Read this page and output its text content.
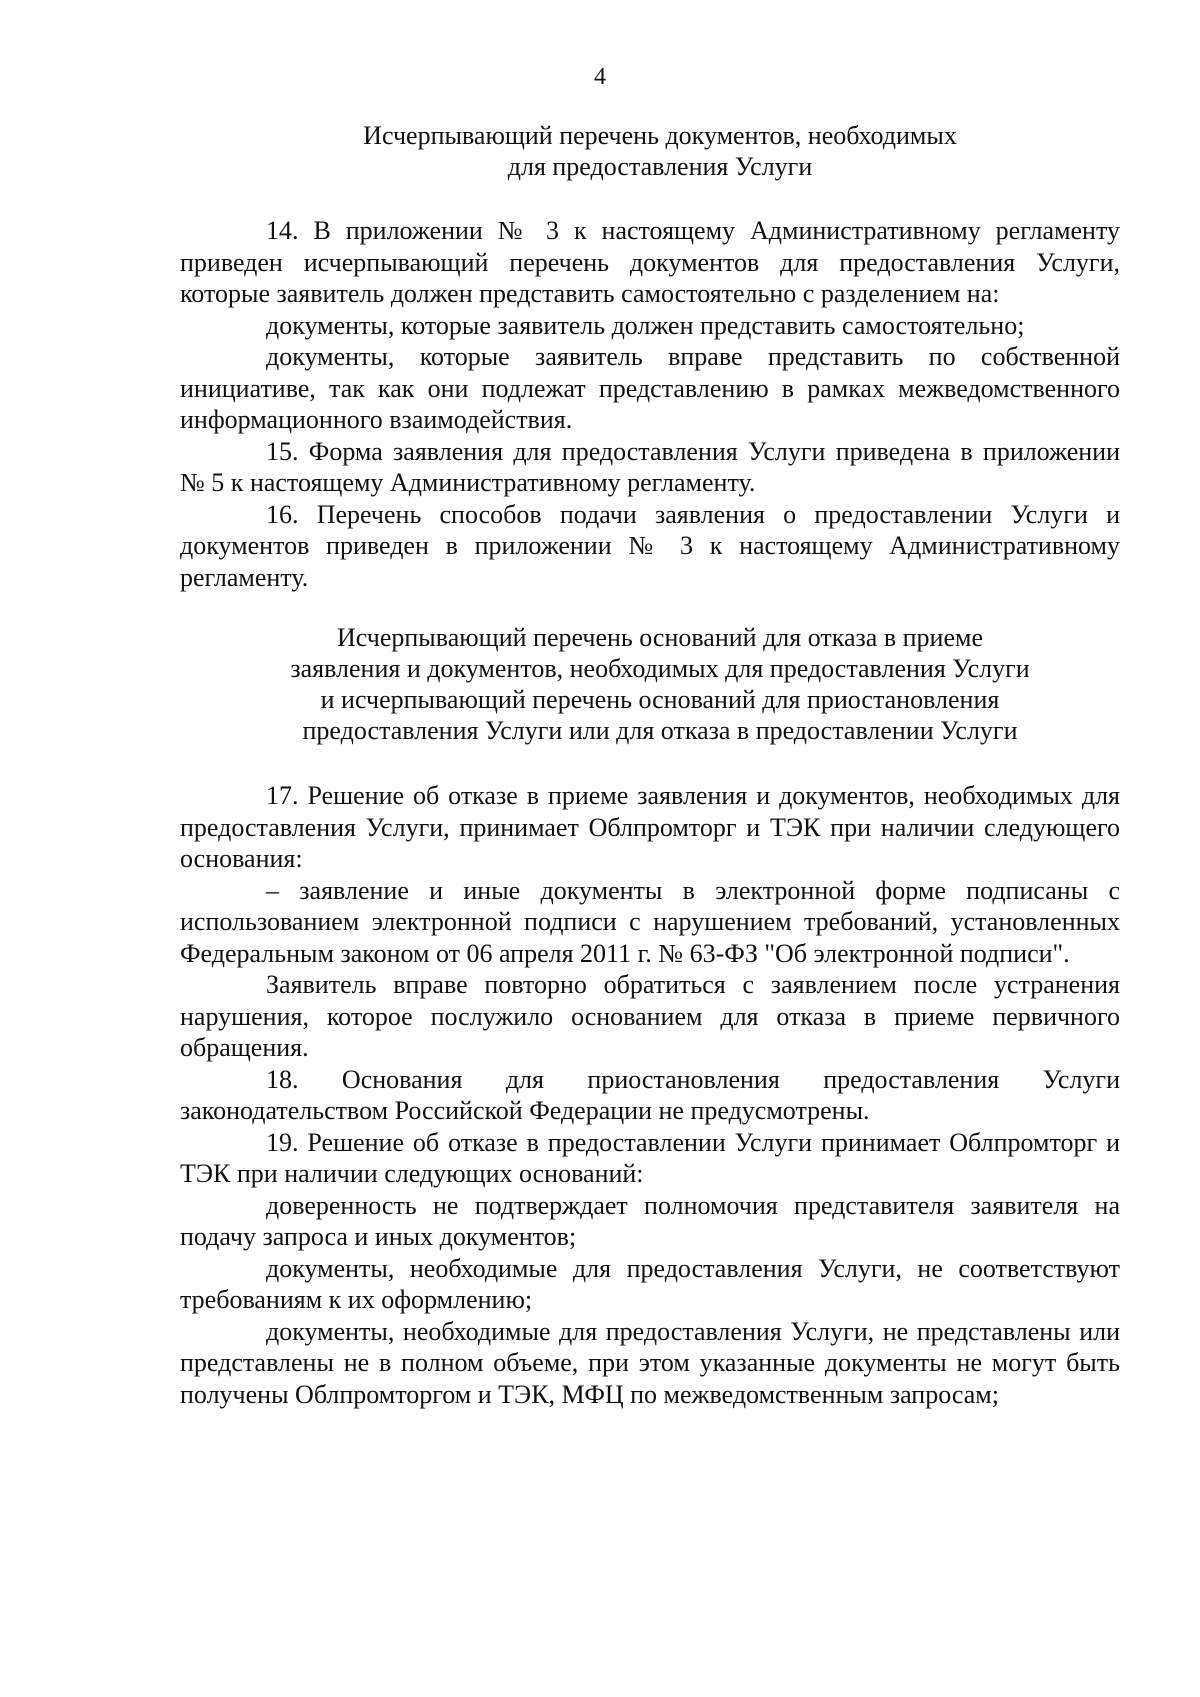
4
Исчерпывающий перечень документов, необходимых
для предоставления Услуги

14. В приложении № 3 к настоящему Административному регламенту приведен исчерпывающий перечень документов для предоставления Услуги, которые заявитель должен представить самостоятельно с разделением на:

документы, которые заявитель должен представить самостоятельно;

документы, которые заявитель вправе представить по собственной инициативе, так как они подлежат представлению в рамках межведомственного информационного взаимодействия.

15. Форма заявления для предоставления Услуги приведена в приложении № 5 к настоящему Административному регламенту.

16. Перечень способов подачи заявления о предоставлении Услуги и документов приведен в приложении № 3 к настоящему Административному регламенту.

Исчерпывающий перечень оснований для отказа в приеме
заявления и документов, необходимых для предоставления Услуги
и исчерпывающий перечень оснований для приостановления
предоставления Услуги или для отказа в предоставлении Услуги

17. Решение об отказе в приеме заявления и документов, необходимых для предоставления Услуги, принимает Облпромторг и ТЭК при наличии следующего основания:

– заявление и иные документы в электронной форме подписаны с использованием электронной подписи с нарушением требований, установленных Федеральным законом от 06 апреля 2011 г. № 63-ФЗ "Об электронной подписи".

Заявитель вправе повторно обратиться с заявлением после устранения нарушения, которое послужило основанием для отказа в приеме первичного обращения.

18. Основания для приостановления предоставления Услуги законодательством Российской Федерации не предусмотрены.

19. Решение об отказе в предоставлении Услуги принимает Облпромторг и ТЭК при наличии следующих оснований:

доверенность не подтверждает полномочия представителя заявителя на подачу запроса и иных документов;

документы, необходимые для предоставления Услуги, не соответствуют требованиям к их оформлению;

документы, необходимые для предоставления Услуги, не представлены или представлены не в полном объеме, при этом указанные документы не могут быть получены Облпромторгом и ТЭК, МФЦ по межведомственным запросам;
